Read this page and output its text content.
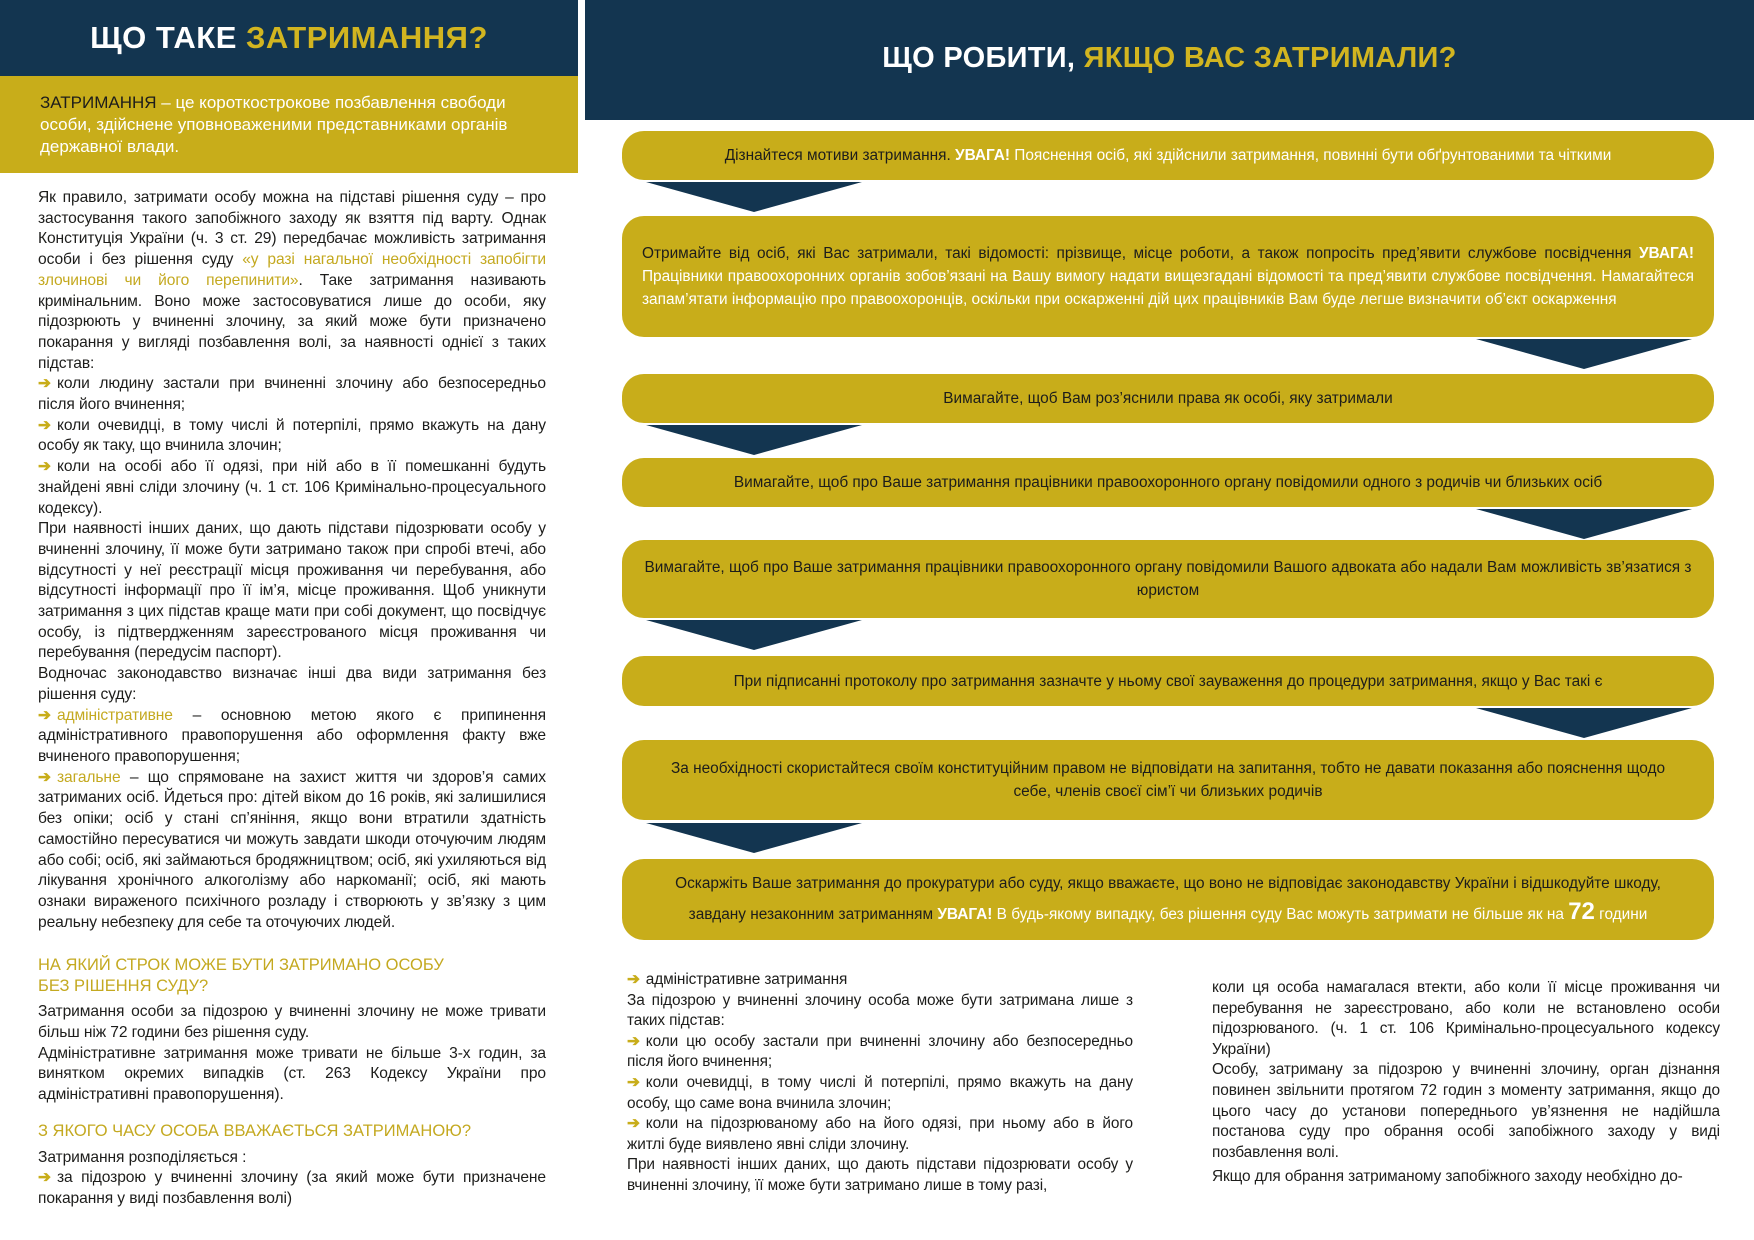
ЩО ТАКЕ
ЗАТРИМАННЯ?
ЗАТРИМАННЯ – це короткострокове позбавлення свободи особи, здійснене уповноваженими представниками органів державної влади.

Як правило, затримати особу можна на підставі рішення суду – про застосування такого запобіжного заходу як взяття під варту. Однак Конституція України (ч. 3 ст. 29) передбачає можливість затримання особи і без рішення суду «у разі нагальної необхідності запобігти злочинові чи його перепинити». Таке затримання називають кримінальним. Воно може застосовуватися лише до особи, яку підозрюють у вчиненні злочину, за який може бути призначено покарання у вигляді позбавлення волі, за наявності однієї з таких підстав:

➔ коли людину застали при вчиненні злочину або безпосередньо після його вчинення;

➔ коли очевидці, в тому числі й потерпілі, прямо вкажуть на дану особу як таку, що вчинила злочин;

➔ коли на особі або її одязі, при ній або в її помешканні будуть знайдені явні сліди злочину (ч. 1 ст. 106 Кримінально-процесуального кодексу).

При наявності інших даних, що дають підстави підозрювати особу у вчиненні злочину, її може бути затримано також при спробі втечі, або відсутності у неї реєстрації місця проживання чи перебування, або відсутності інформації про її ім’я, місце проживання. Щоб уникнути затримання з цих підстав краще мати при собі документ, що посвідчує особу, із підтвердженням зареєстрованого місця проживання чи перебування (передусім паспорт).

Водночас законодавство визначає інші два види затримання без рішення суду:

➔ адміністративне – основною метою якого є припинення адміністративного правопорушення або оформлення факту вже вчиненого правопорушення;

➔ загальне – що спрямоване на захист життя чи здоров’я самих затриманих осіб. Йдеться про: дітей віком до 16 років, які залишилися без опіки; осіб у стані сп’яніння, якщо вони втратили здатність самостійно пересуватися чи можуть завдати шкоди оточуючим людям або собі; осіб, які займаються бродяжництвом; осіб, які ухиляються від лікування хронічного алкоголізму або наркоманії; осіб, які мають ознаки вираженого психічного розладу і створюють у зв’язку з цим реальну небезпеку для себе та оточуючих людей.

НА ЯКИЙ СТРОК МОЖЕ БУТИ ЗАТРИМАНО ОСОБУ
БЕЗ РІШЕННЯ СУДУ?

Затримання особи за підозрою у вчиненні злочину не може тривати більш ніж 72 години без рішення суду.

Адміністративне затримання може тривати не більше 3-х годин, за винятком окремих випадків (ст. 263 Кодексу України про адміністративні правопорушення).

З ЯКОГО ЧАСУ ОСОБА ВВАЖАЄТЬСЯ ЗАТРИМАНОЮ?

Затримання розподіляється :

➔ за підозрою у вчиненні злочину (за який може бути призначене покарання у виді позбавлення волі)

ЩО РОБИТИ,
ЯКЩО ВАС ЗАТРИМАЛИ?
Дізнайтеся мотиви затримання. УВАГА! Пояснення осіб, які здійснили затримання, повинні бути обґрунтованими та чіткими
Отримайте від осіб, які Вас затримали, такі відомості: прізвище, місце роботи, а також попросіть пред’явити службове посвідчення УВАГА! Працівники правоохоронних органів зобов’язані на Вашу вимогу надати вищезгадані відомості та пред’явити службове посвідчення. Намагайтеся запам’ятати інформацію про правоохоронців, оскільки при оскарженні дій цих працівників Вам буде легше визначити об’єкт оскарження
Вимагайте, щоб Вам роз’яснили права як особі, яку затримали
Вимагайте, щоб про Ваше затримання працівники правоохоронного органу повідомили одного з родичів чи близьких осіб
Вимагайте, щоб про Ваше затримання працівники правоохоронного органу повідомили Вашого адвоката або надали Вам можливість зв’язатися з юристом
При підписанні протоколу про затримання зазначте у ньому свої зауваження до процедури затримання, якщо у Вас такі є
За необхідності скористайтеся своїм конституційним правом не відповідати на запитання, тобто не давати показання або пояснення щодо себе, членів своєї сім’ї чи близьких родичів
Оскаржіть Ваше затримання до прокуратури або суду, якщо вважаєте, що воно не відповідає законодавству України і відшкодуйте шкоду, завдану незаконним затриманням УВАГА! В будь-якому випадку, без рішення суду Вас можуть затримати не більше як на 72 години

➔ адміністративне затримання

За підозрою у вчиненні злочину особа може бути затримана лише з таких підстав:

➔ коли цю особу застали при вчиненні злочину або безпосередньо після його вчинення;

➔ коли очевидці, в тому числі й потерпілі, прямо вкажуть на дану особу, що саме вона вчинила злочин;

➔ коли на підозрюваному або на його одязі, при ньому або в його житлі буде виявлено явні сліди злочину.

При наявності інших даних, що дають підстави підозрювати особу у вчиненні злочину, її може бути затримано лише в тому разі,

коли ця особа намагалася втекти, або коли її місце проживання чи перебування не зареєстровано, або коли не встановлено особи підозрюваного. (ч. 1 ст. 106 Кримінально-процесуального кодексу України)

Особу, затриману за підозрою у вчиненні злочину, орган дізнання повинен звільнити протягом 72 годин з моменту затримання, якщо до цього часу до установи попереднього ув’язнення не надійшла постанова суду про обрання особі запобіжного заходу у виді позбавлення волі.

Якщо для обрання затриманому запобіжного заходу необхідно до-
